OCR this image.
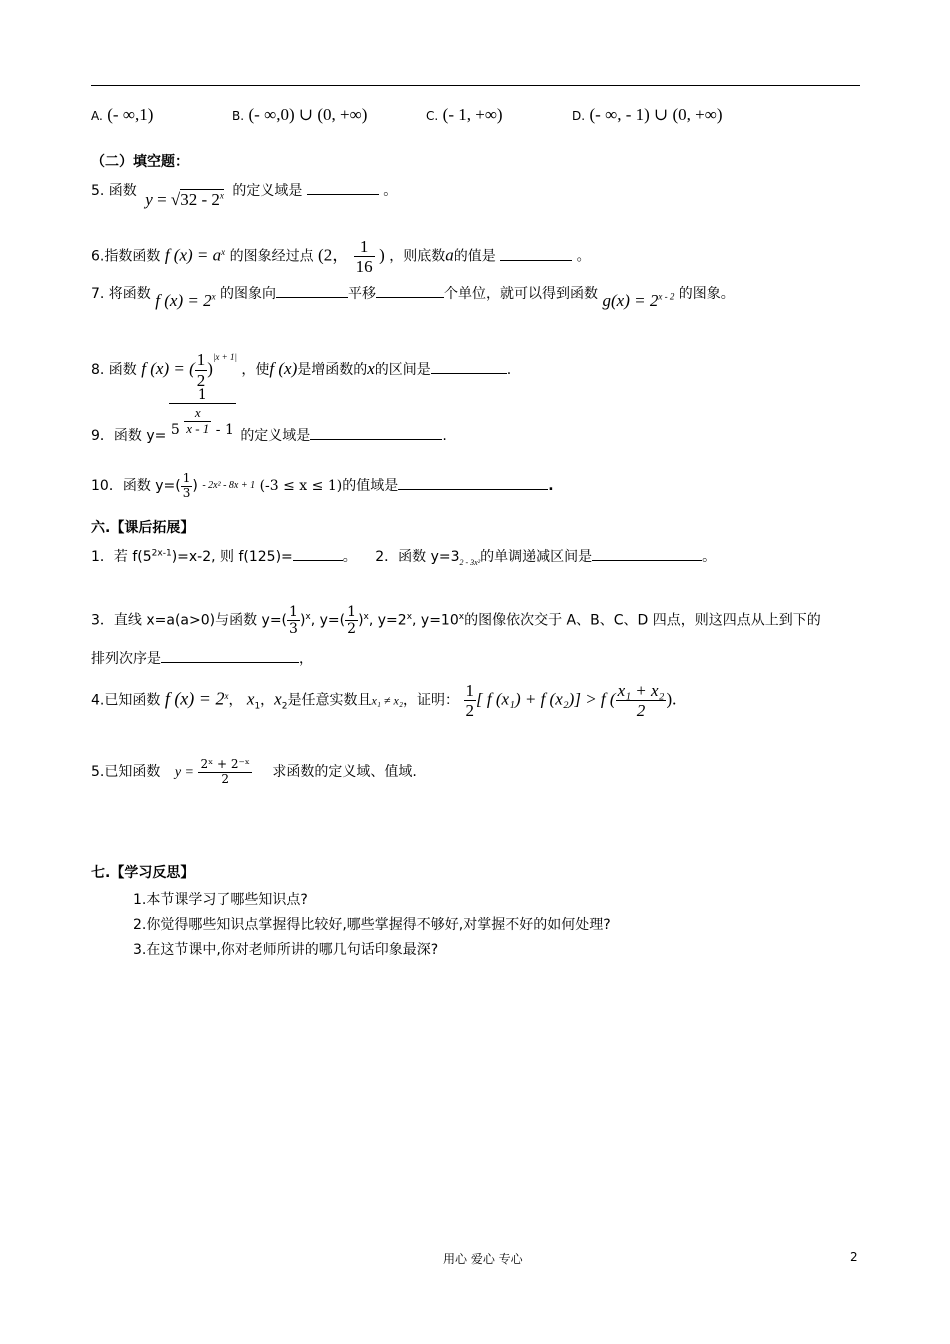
A. (- ∞,1)	B. (- ∞,0) ∪ (0, +∞)	C. (- 1, +∞)	D. (- ∞, - 1) ∪ (0, +∞)
（二）填空题：
5. 函数 y = √32 - 2$^x$ 的定义域是	。
6.指数函数 f $(x) = a^x$ 的图象经过点 (2， $\frac{1}{16}$ ) ，则底数a的值是	。
7. 将函数 f $(x) = 2^x$ 的图象向	平移	个单位，就可以得到函数 $g(x) = 2^{x - 2}$ 的图象。
8. 函数 f (x) = ( $\frac{1}{2} )^{|x + 1|}$ ，使f (x)是增函数的x的区间是	.
9．函数 $y= \frac{1}{5 \frac{x}{x - 1} - 1}$ 的定义域是	.
10．函数 $y=( \frac{1}{3}$ ) - 2x² - 8x + 1 (-3 ≤ x ≤ 1)的值域是	.
六.【课后拓展】
1．若 $f(5^{2x-1})=x-2$, 则 f(125)=	。 2．函数 $y=3_{2 - 3x^2}$的单调递减区间是	。
3．直线 x=a(a>0)与函数 $y=( \frac{1}{3} )^x$, $y=( \frac{1}{2} )^x$, $y=2^x$, $y=10^x$的图像依次交于 A、B、C、D 四点，则这四点从上到下的
排列次序是	，
4.已知函数 f $(x) = 2^x$， $x_1$，$x_2$是任意实数且x₁ ≠ x₂，证明： $\frac{1}{2}$ [ f (x₁) + f (x₂)] > f ( $\frac{\text{x₁ + x₂}}{2}$ ).
5.已知函数 $y = \frac{\text{2ˣ + 2⁻ˣ}}{2}$ 求函数的定义域、值域.
七.【学习反思】
1.本节课学习了哪些知识点?
2.你觉得哪些知识点掌握得比较好,哪些掌握得不够好,对掌握不好的如何处理?
3.在这节课中,你对老师所讲的哪几句话印象最深?
用心 爱心 专心	2
